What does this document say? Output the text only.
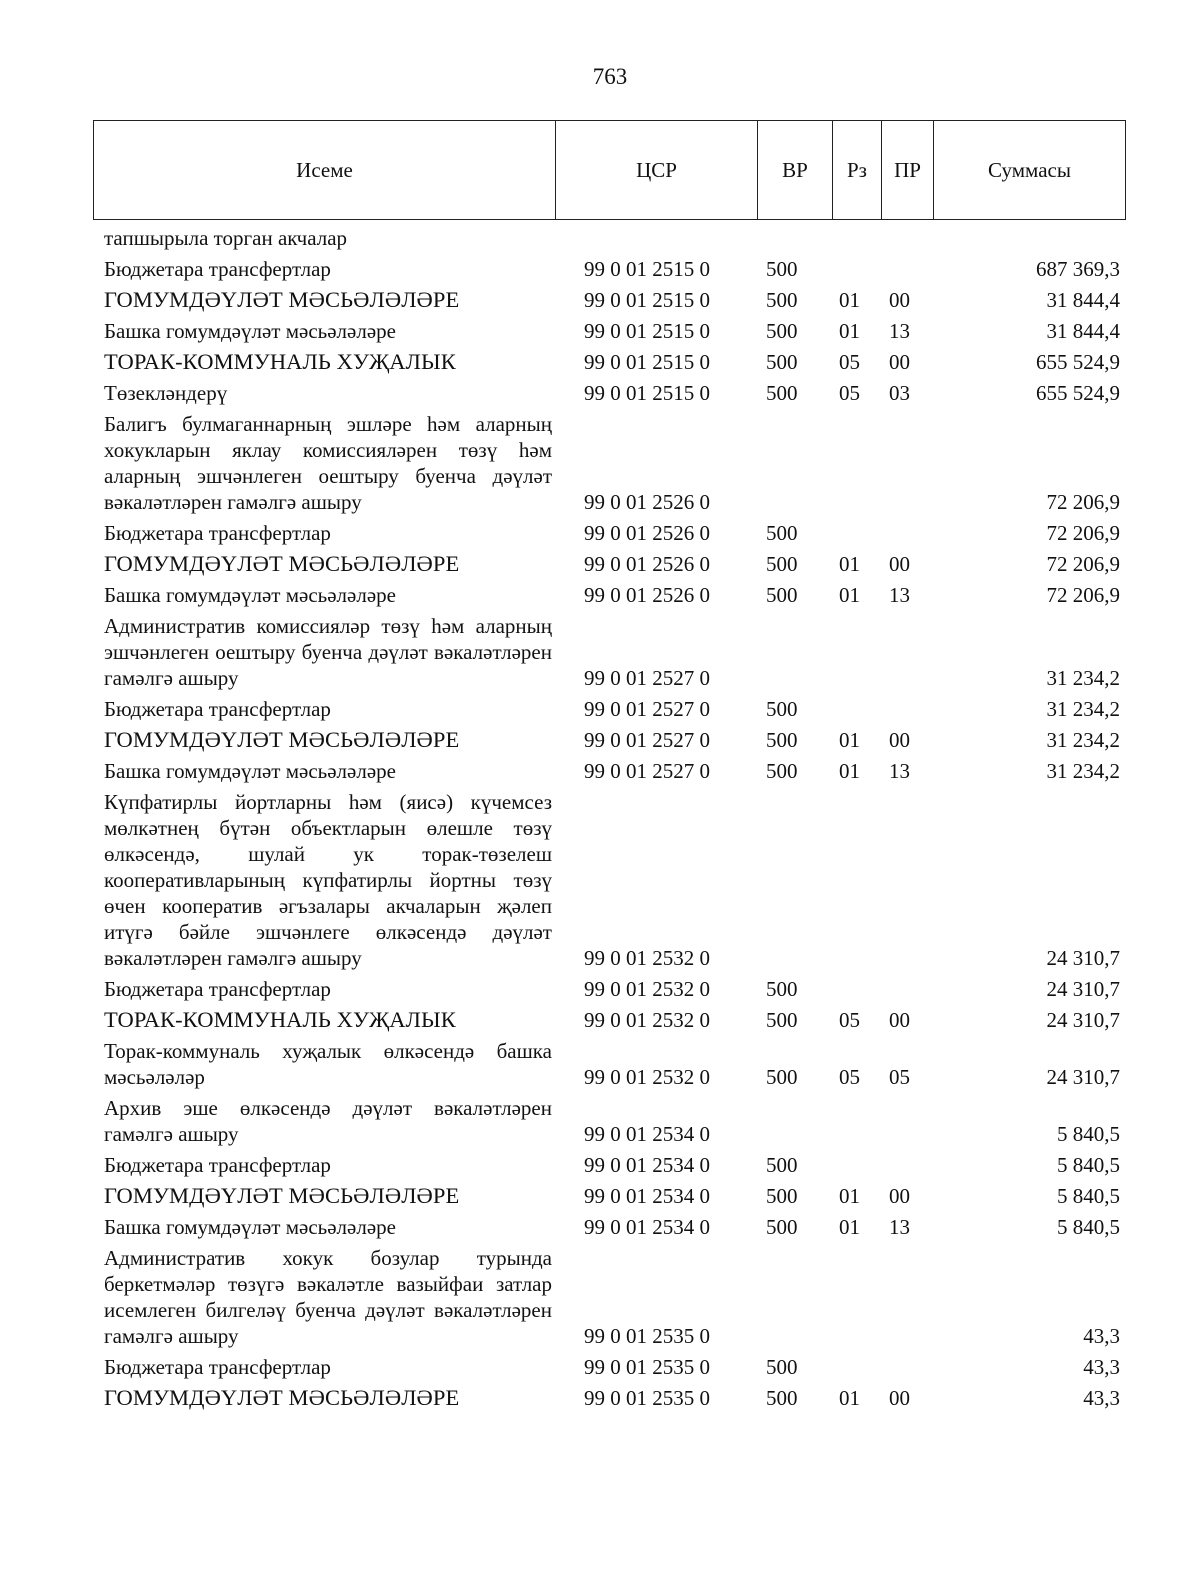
763
Исеме	ЦСР	ВР	Рз	ПР	Суммасы
тапшырыла торган акчалар					
Бюджетара трансфертлар	99 0 01 2515 0	500			687 369,3
ГОМУМДӘҮЛӘТ МӘСЬӘЛӘЛӘРЕ	99 0 01 2515 0	500	01	00	31 844,4
Башка гомумдәүләт мәсьәләләре	99 0 01 2515 0	500	01	13	31 844,4
ТОРАК-КОММУНАЛЬ ХУҖАЛЫК	99 0 01 2515 0	500	05	00	655 524,9
Төзекләндерү	99 0 01 2515 0	500	05	03	655 524,9
Балигъ булмаганнарның эшләре һәм аларның хокукларын яклау комиссияләрен төзү һәм аларның эшчәнлеген оештыру буенча дәүләт вәкаләтләрен гамәлгә ашыру	99 0 01 2526 0				72 206,9
Бюджетара трансфертлар	99 0 01 2526 0	500			72 206,9
ГОМУМДӘҮЛӘТ МӘСЬӘЛӘЛӘРЕ	99 0 01 2526 0	500	01	00	72 206,9
Башка гомумдәүләт мәсьәләләре	99 0 01 2526 0	500	01	13	72 206,9
Административ комиссияләр төзү һәм аларның эшчәнлеген оештыру буенча дәүләт вәкаләтләрен гамәлгә ашыру	99 0 01 2527 0				31 234,2
Бюджетара трансфертлар	99 0 01 2527 0	500			31 234,2
ГОМУМДӘҮЛӘТ МӘСЬӘЛӘЛӘРЕ	99 0 01 2527 0	500	01	00	31 234,2
Башка гомумдәүләт мәсьәләләре	99 0 01 2527 0	500	01	13	31 234,2
Күпфатирлы йортларны һәм (яисә) күчемсез мөлкәтнең бүтән объектларын өлешле төзү өлкәсендә, шулай ук торак-төзелеш кооперативларының күпфатирлы йортны төзү өчен кооператив әгъзалары акчаларын җәлеп итүгә бәйле эшчәнлеге өлкәсендә дәүләт вәкаләтләрен гамәлгә ашыру	99 0 01 2532 0				24 310,7
Бюджетара трансфертлар	99 0 01 2532 0	500			24 310,7
ТОРАК-КОММУНАЛЬ ХУҖАЛЫК	99 0 01 2532 0	500	05	00	24 310,7
Торак-коммуналь хуҗалык өлкәсендә башка мәсьәләләр	99 0 01 2532 0	500	05	05	24 310,7
Архив эше өлкәсендә дәүләт вәкаләтләрен гамәлгә ашыру	99 0 01 2534 0				5 840,5
Бюджетара трансфертлар	99 0 01 2534 0	500			5 840,5
ГОМУМДӘҮЛӘТ МӘСЬӘЛӘЛӘРЕ	99 0 01 2534 0	500	01	00	5 840,5
Башка гомумдәүләт мәсьәләләре	99 0 01 2534 0	500	01	13	5 840,5
Административ хокук бозулар турында беркетмәләр төзүгә вәкаләтле вазыйфаи затлар исемлеген билгеләү буенча дәүләт вәкаләтләрен гамәлгә ашыру	99 0 01 2535 0				43,3
Бюджетара трансфертлар	99 0 01 2535 0	500			43,3
ГОМУМДӘҮЛӘТ МӘСЬӘЛӘЛӘРЕ	99 0 01 2535 0	500	01	00	43,3
